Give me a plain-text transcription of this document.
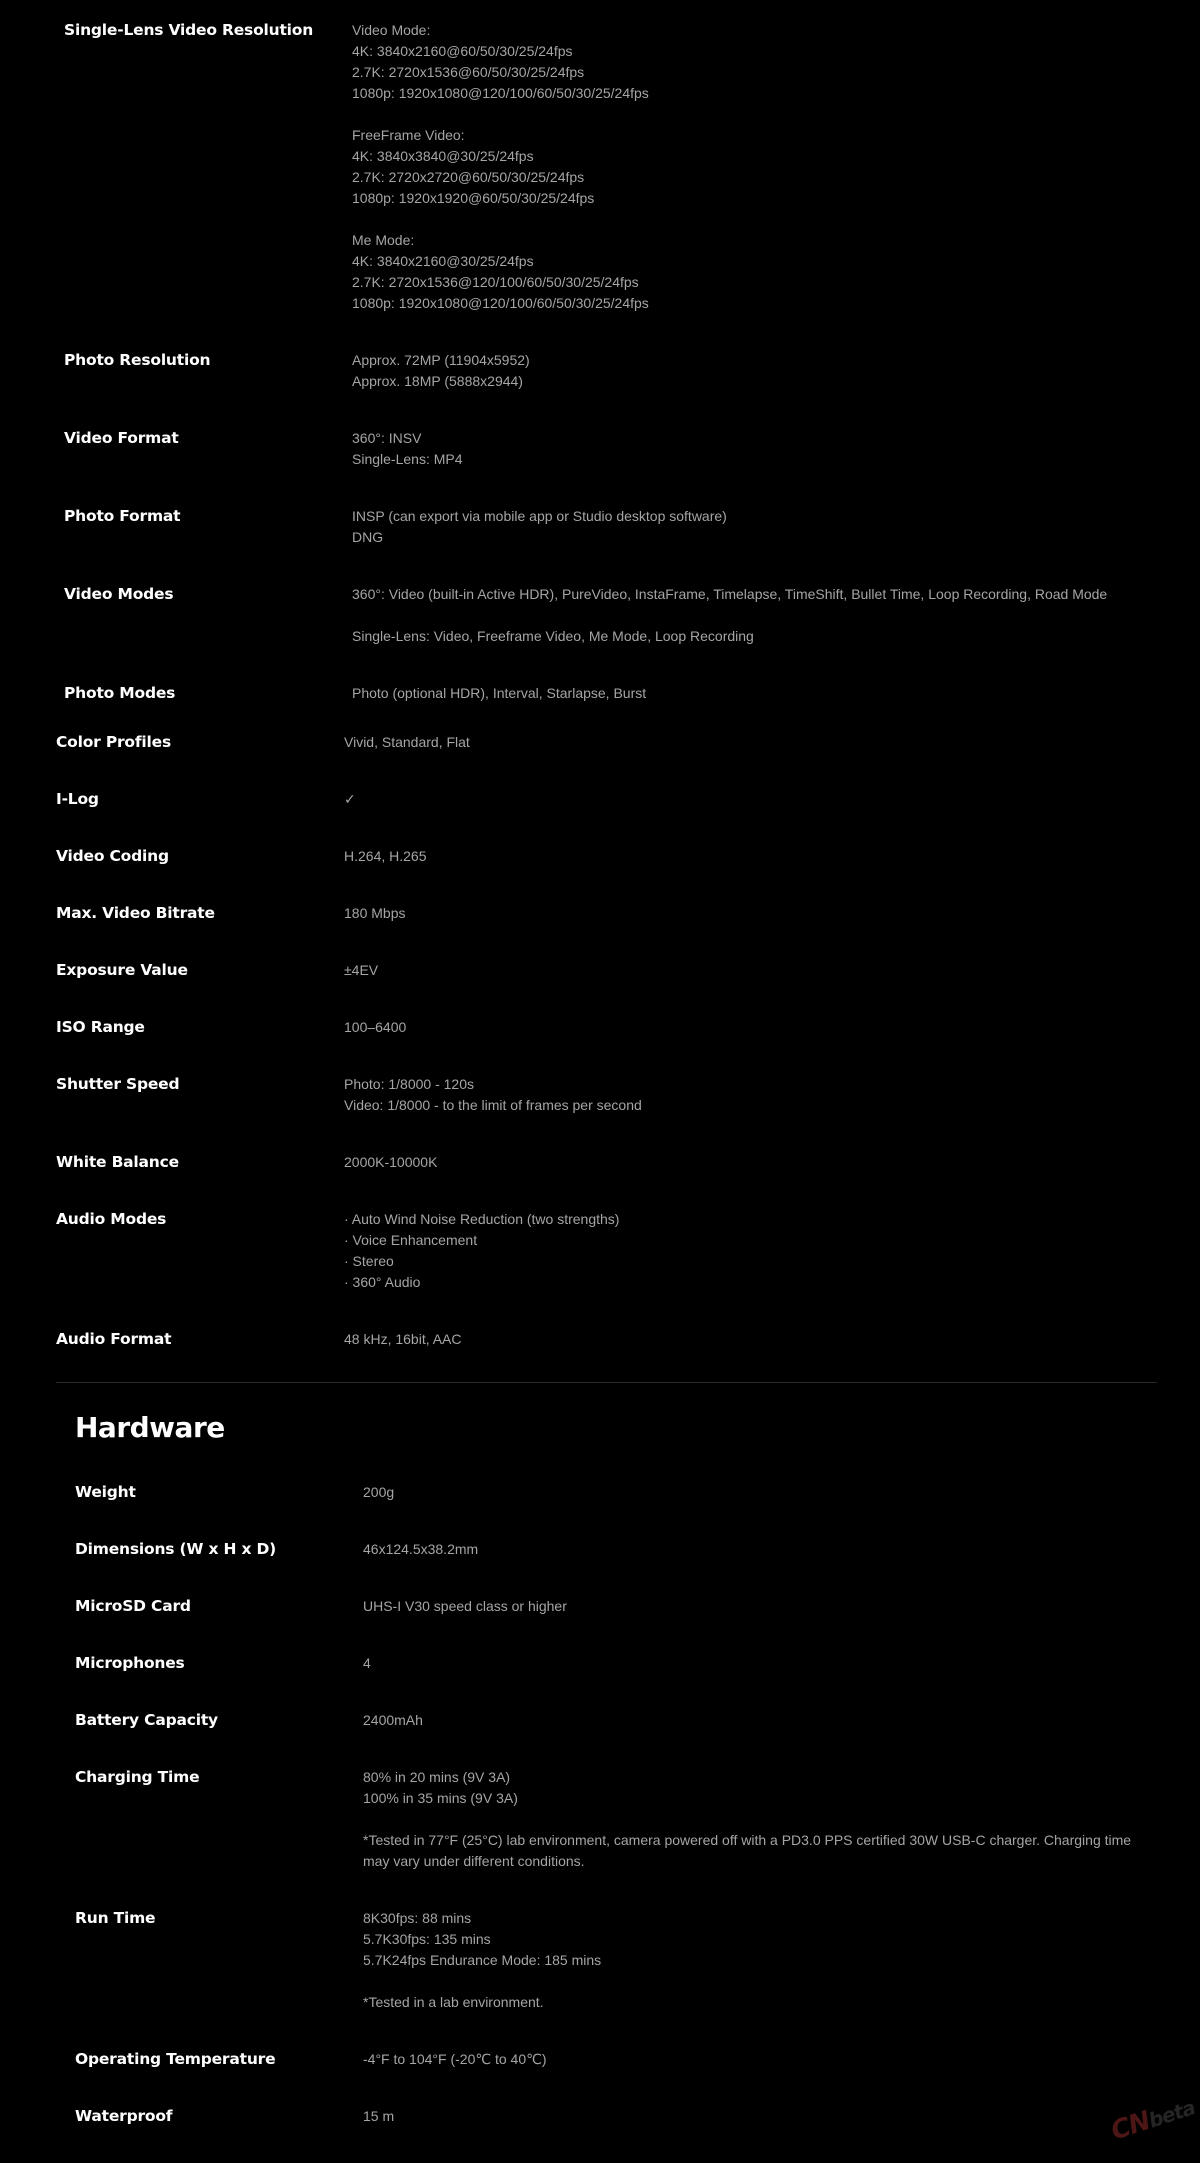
Single-Lens Video Resolution	Video Mode:
4K: 3840x2160@60/50/30/25/24fps
2.7K: 2720x1536@60/50/30/25/24fps
1080p: 1920x1080@120/100/60/50/30/25/24fps
FreeFrame Video:
4K: 3840x3840@30/25/24fps
2.7K: 2720x2720@60/50/30/25/24fps
1080p: 1920x1920@60/50/30/25/24fps
Me Mode:
4K: 3840x2160@30/25/24fps
2.7K: 2720x1536@120/100/60/50/30/25/24fps
1080p: 1920x1080@120/100/60/50/30/25/24fps
Photo Resolution	Approx. 72MP (11904x5952)
Approx. 18MP (5888x2944)
Video Format	360°: INSV
Single-Lens: MP4
Photo Format	INSP (can export via mobile app or Studio desktop software)
DNG
Video Modes	360°: Video (built-in Active HDR), PureVideo, InstaFrame, Timelapse, TimeShift, Bullet Time, Loop Recording, Road Mode
Single-Lens: Video, Freeframe Video, Me Mode, Loop Recording
Photo Modes	Photo (optional HDR), Interval, Starlapse, Burst
Color Profiles	Vivid, Standard, Flat
I-Log	✓
Video Coding	H.264, H.265
Max. Video Bitrate	180 Mbps
Exposure Value	±4EV
ISO Range	100–6400
Shutter Speed	Photo: 1/8000 - 120s
Video: 1/8000 - to the limit of frames per second
White Balance	2000K-10000K
Audio Modes	· Auto Wind Noise Reduction (two strengths)
· Voice Enhancement
· Stereo
· 360° Audio
Audio Format	48 kHz, 16bit, AAC
Hardware
Weight	200g
Dimensions (W x H x D)	46x124.5x38.2mm
MicroSD Card	UHS-I V30 speed class or higher
Microphones	4
Battery Capacity	2400mAh
Charging Time	80% in 20 mins (9V 3A)
100% in 35 mins (9V 3A)
*Tested in 77°F (25°C) lab environment, camera powered off with a PD3.0 PPS certified 30W USB-C charger. Charging time may vary under different conditions.
Run Time	8K30fps: 88 mins
5.7K30fps: 135 mins
5.7K24fps Endurance Mode: 185 mins
*Tested in a lab environment.
Operating Temperature	-4°F to 104°F (-20℃ to 40℃)
Waterproof	15 m	CNbeta
